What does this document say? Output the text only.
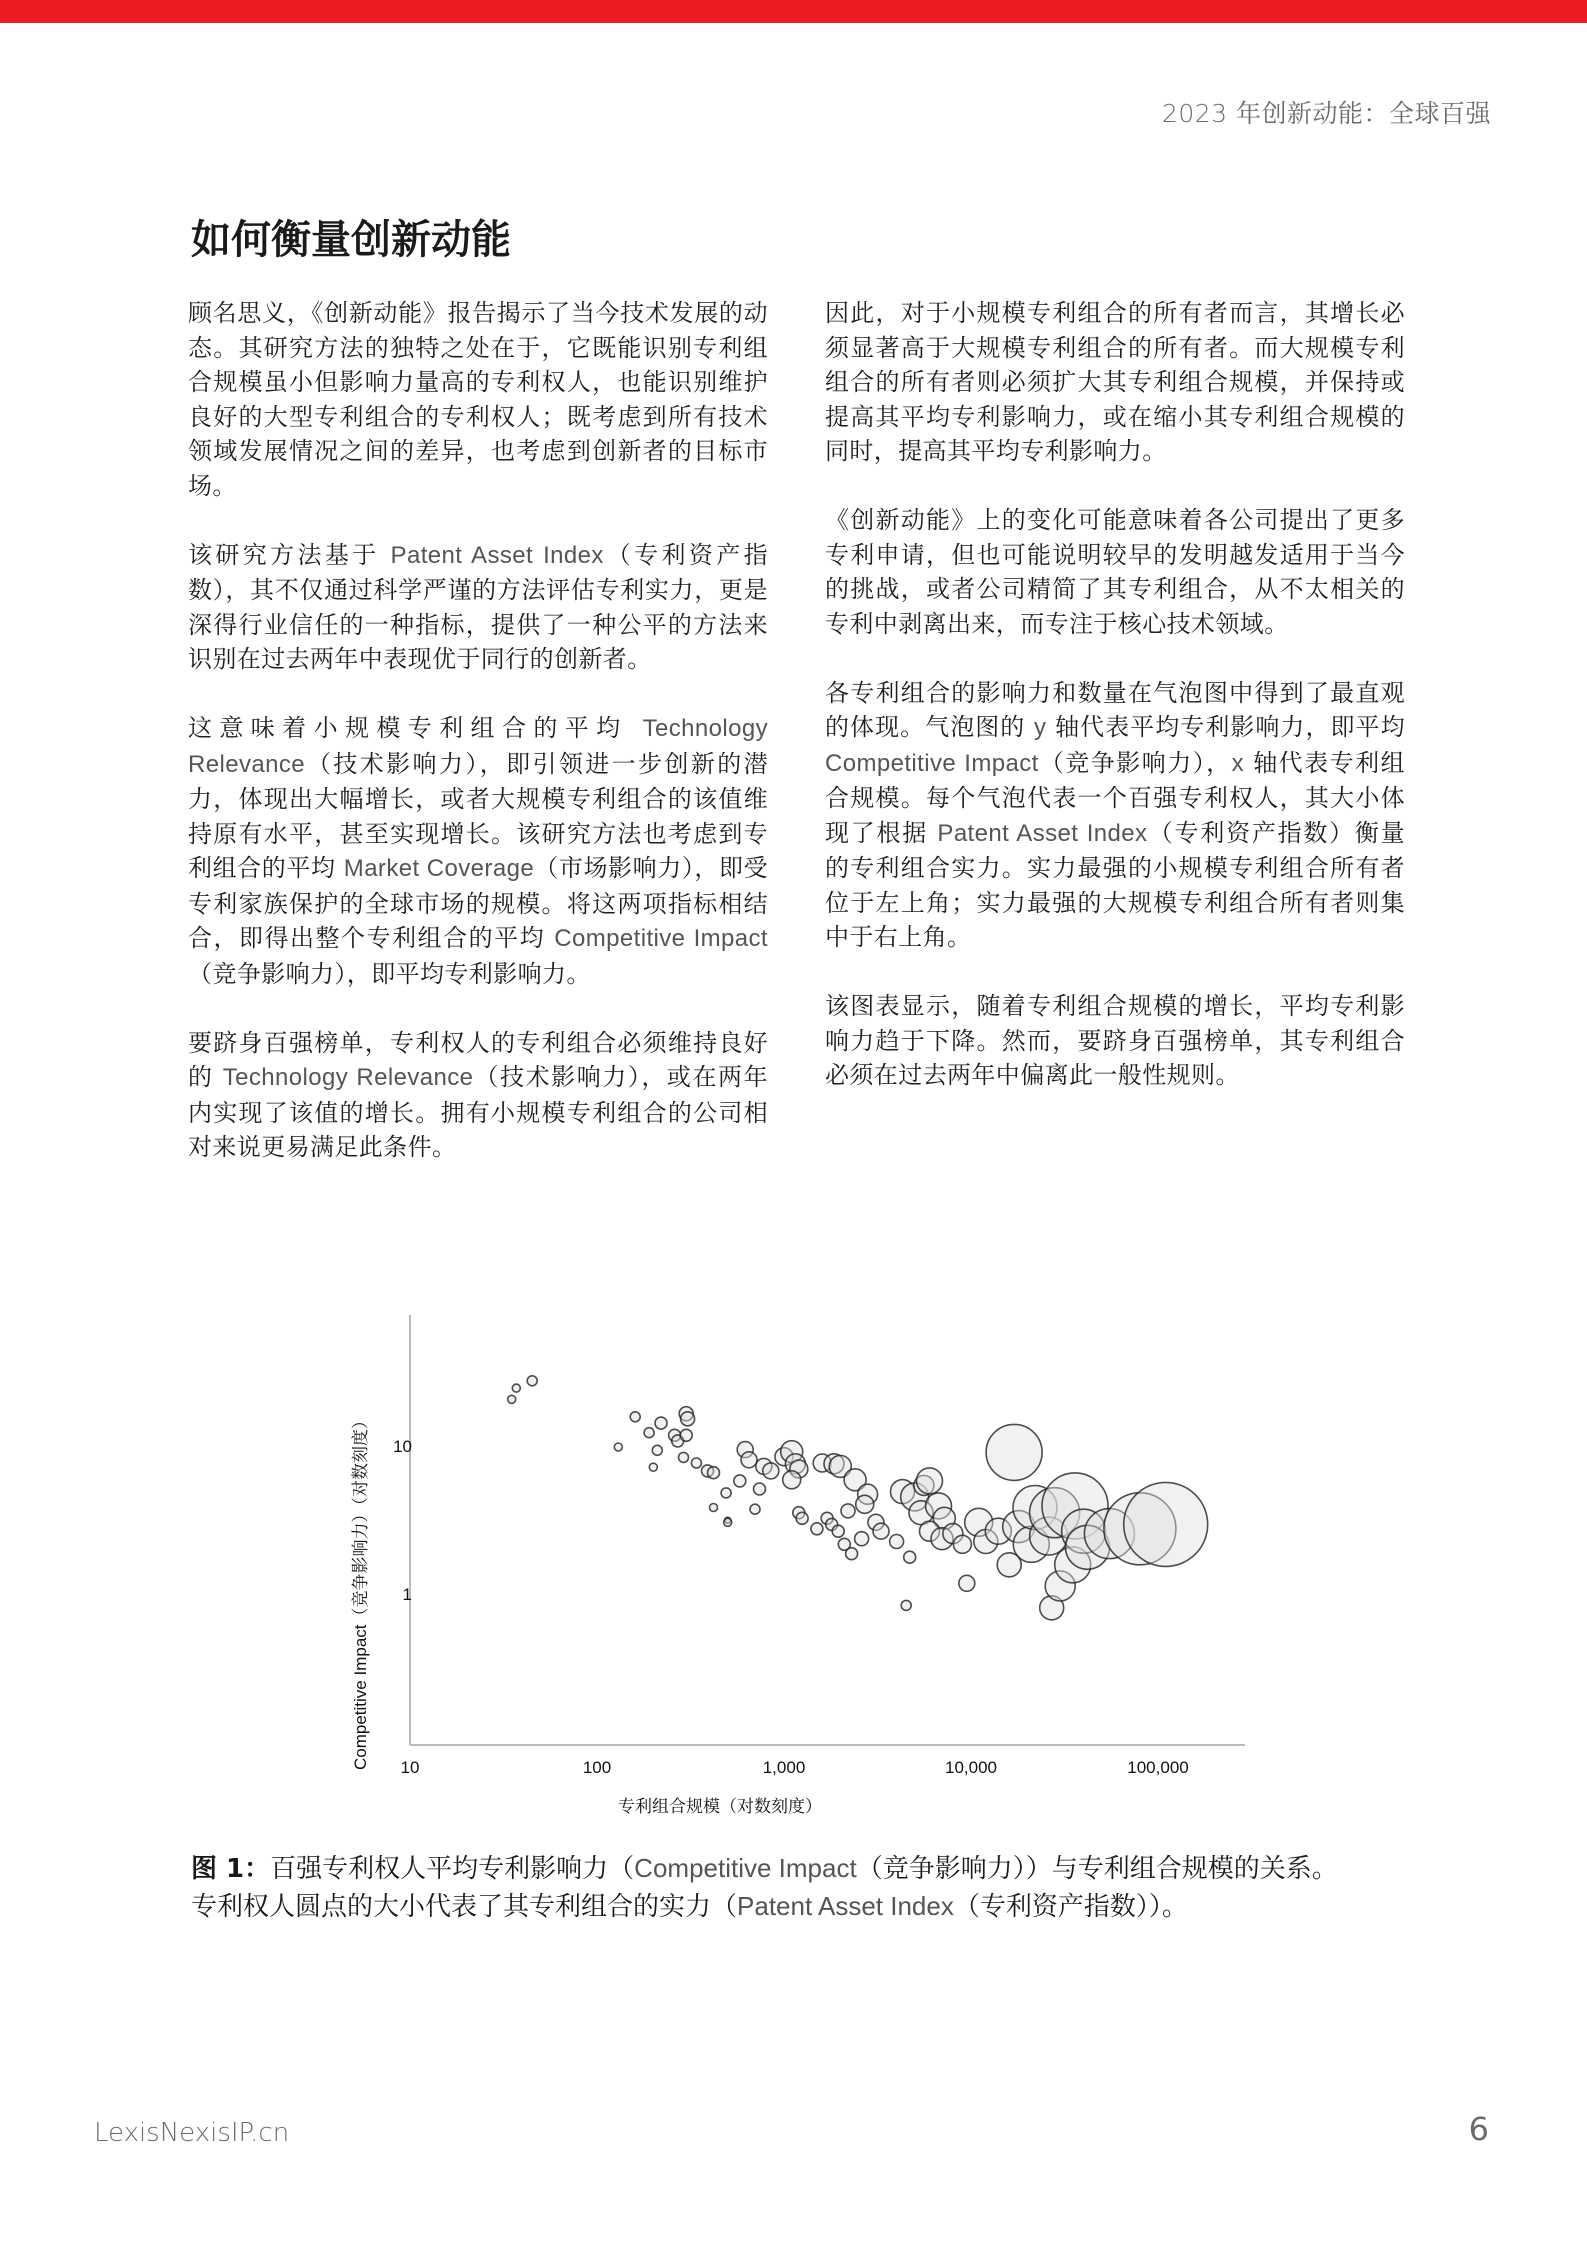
2023 年创新动能：全球百强
如何衡量创新动能

顾名思义，《创新动能》报告揭示了当今技术发展的动态。其研究方法的独特之处在于，它既能识别专利组合规模虽小但影响力量高的专利权人，也能识别维护良好的大型专利组合的专利权人；既考虑到所有技术领域发展情况之间的差异，也考虑到创新者的目标市场。

该研究方法基于 Patent Asset Index（专利资产指数），其不仅通过科学严谨的方法评估专利实力，更是深得行业信任的一种指标，提供了一种公平的方法来识别在过去两年中表现优于同行的创新者。

这意味着小规模专利组合的平均 Technology Relevance（技术影响力），即引领进一步创新的潜力，体现出大幅增长，或者大规模专利组合的该值维持原有水平，甚至实现增长。该研究方法也考虑到专利组合的平均 Market Coverage（市场影响力），即受专利家族保护的全球市场的规模。将这两项指标相结合，即得出整个专利组合的平均 Competitive Impact（竞争影响力），即平均专利影响力。

要跻身百强榜单，专利权人的专利组合必须维持良好的 Technology Relevance（技术影响力），或在两年内实现了该值的增长。拥有小规模专利组合的公司相对来说更易满足此条件。

因此，对于小规模专利组合的所有者而言，其增长必须显著高于大规模专利组合的所有者。而大规模专利组合的所有者则必须扩大其专利组合规模，并保持或提高其平均专利影响力，或在缩小其专利组合规模的同时，提高其平均专利影响力。

《创新动能》上的变化可能意味着各公司提出了更多专利申请，但也可能说明较早的发明越发适用于当今的挑战，或者公司精简了其专利组合，从不太相关的专利中剥离出来，而专注于核心技术领域。

各专利组合的影响力和数量在气泡图中得到了最直观的体现。气泡图的 y 轴代表平均专利影响力，即平均 Competitive Impact（竞争影响力），x 轴代表专利组合规模。每个气泡代表一个百强专利权人，其大小体现了根据 Patent Asset Index（专利资产指数）衡量的专利组合实力。实力最强的小规模专利组合所有者位于左上角；实力最强的大规模专利组合所有者则集中于右上角。

该图表显示，随着专利组合规模的增长，平均专利影响力趋于下降。然而，要跻身百强榜单，其专利组合必须在过去两年中偏离此一般性规则。

10	100	1,000	10,000	100,000
1
10
专利组合规模（对数刻度）
Competitive Impact（竞争影响力）（对数刻度）

图 1：百强专利权人平均专利影响力（Competitive Impact（竞争影响力））与专利组合规模的关系。专利权人圆点的大小代表了其专利组合的实力（Patent Asset Index（专利资产指数））。

LexisNexisIP.cn	6
